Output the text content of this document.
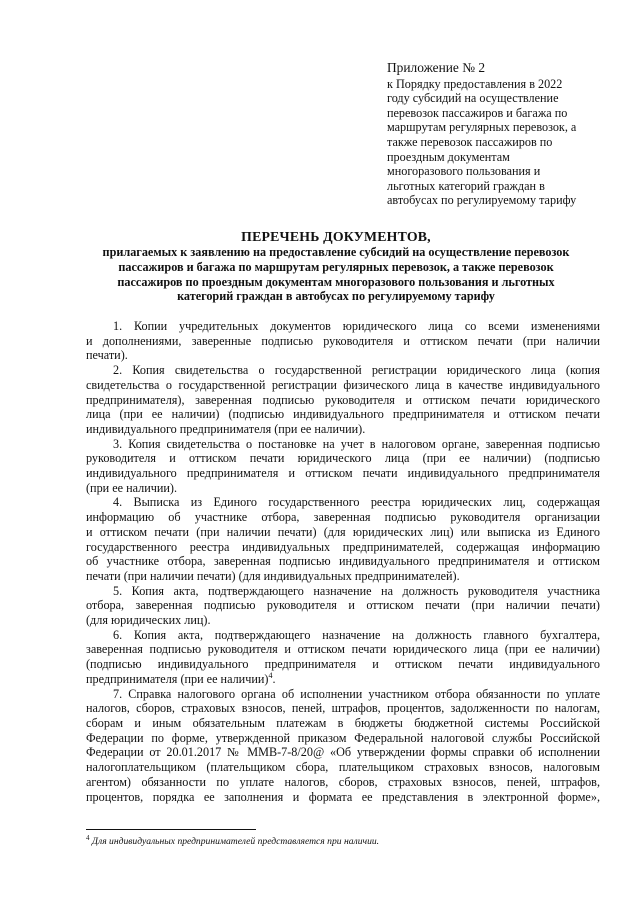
Приложение № 2
к Порядку предоставления в 2022
году субсидий на осуществление
перевозок пассажиров и багажа по
маршрутам регулярных перевозок, а
также перевозок пассажиров по
проездным документам
многоразового пользования и
льготных категорий граждан в
автобусах по регулируемому тарифу
ПЕРЕЧЕНЬ ДОКУМЕНТОВ,
прилагаемых к заявлению на предоставление субсидий на осуществление перевозок
пассажиров и багажа по маршрутам регулярных перевозок, а также перевозок
пассажиров по проездным документам многоразового пользования и льготных
категорий граждан в автобусах по регулируемому тарифу
1. Копии учредительных документов юридического лица со всеми изменениями
и дополнениями, заверенные подписью руководителя и оттиском печати (при наличии
печати).
2. Копия свидетельства о государственной регистрации юридического лица (копия
свидетельства о государственной регистрации физического лица в качестве индивидуального
предпринимателя), заверенная подписью руководителя и оттиском печати юридического
лица (при ее наличии) (подписью индивидуального предпринимателя и оттиском печати
индивидуального предпринимателя (при ее наличии).
3. Копия свидетельства о постановке на учет в налоговом органе, заверенная подписью
руководителя и оттиском печати юридического лица (при ее наличии) (подписью
индивидуального предпринимателя и оттиском печати индивидуального предпринимателя
(при ее наличии).
4. Выписка из Единого государственного реестра юридических лиц, содержащая
информацию об участнике отбора, заверенная подписью руководителя организации
и оттиском печати (при наличии печати) (для юридических лиц) или выписка из Единого
государственного реестра индивидуальных предпринимателей, содержащая информацию
об участнике отбора, заверенная подписью индивидуального предпринимателя и оттиском
печати (при наличии печати) (для индивидуальных предпринимателей).
5. Копия акта, подтверждающего назначение на должность руководителя участника
отбора, заверенная подписью руководителя и оттиском печати (при наличии печати)
(для юридических лиц).
6. Копия акта, подтверждающего назначение на должность главного бухгалтера,
заверенная подписью руководителя и оттиском печати юридического лица (при ее наличии)
(подписью индивидуального предпринимателя и оттиском печати индивидуального
предпринимателя (при ее наличии)$^4$.
7. Справка налогового органа об исполнении участником отбора обязанности по уплате
налогов, сборов, страховых взносов, пеней, штрафов, процентов, задолженности по налогам,
сборам и иным обязательным платежам в бюджеты бюджетной системы Российской
Федерации по форме, утвержденной приказом Федеральной налоговой службы Российской
Федерации от 20.01.2017 № ММВ-7-8/20@ «Об утверждении формы справки об исполнении
налогоплательщиком (плательщиком сбора, плательщиком страховых взносов, налоговым
агентом) обязанности по уплате налогов, сборов, страховых взносов, пеней, штрафов,
процентов, порядка ее заполнения и формата ее представления в электронной форме»,
$^4$ Для индивидуальных предпринимателей представляется при наличии.
